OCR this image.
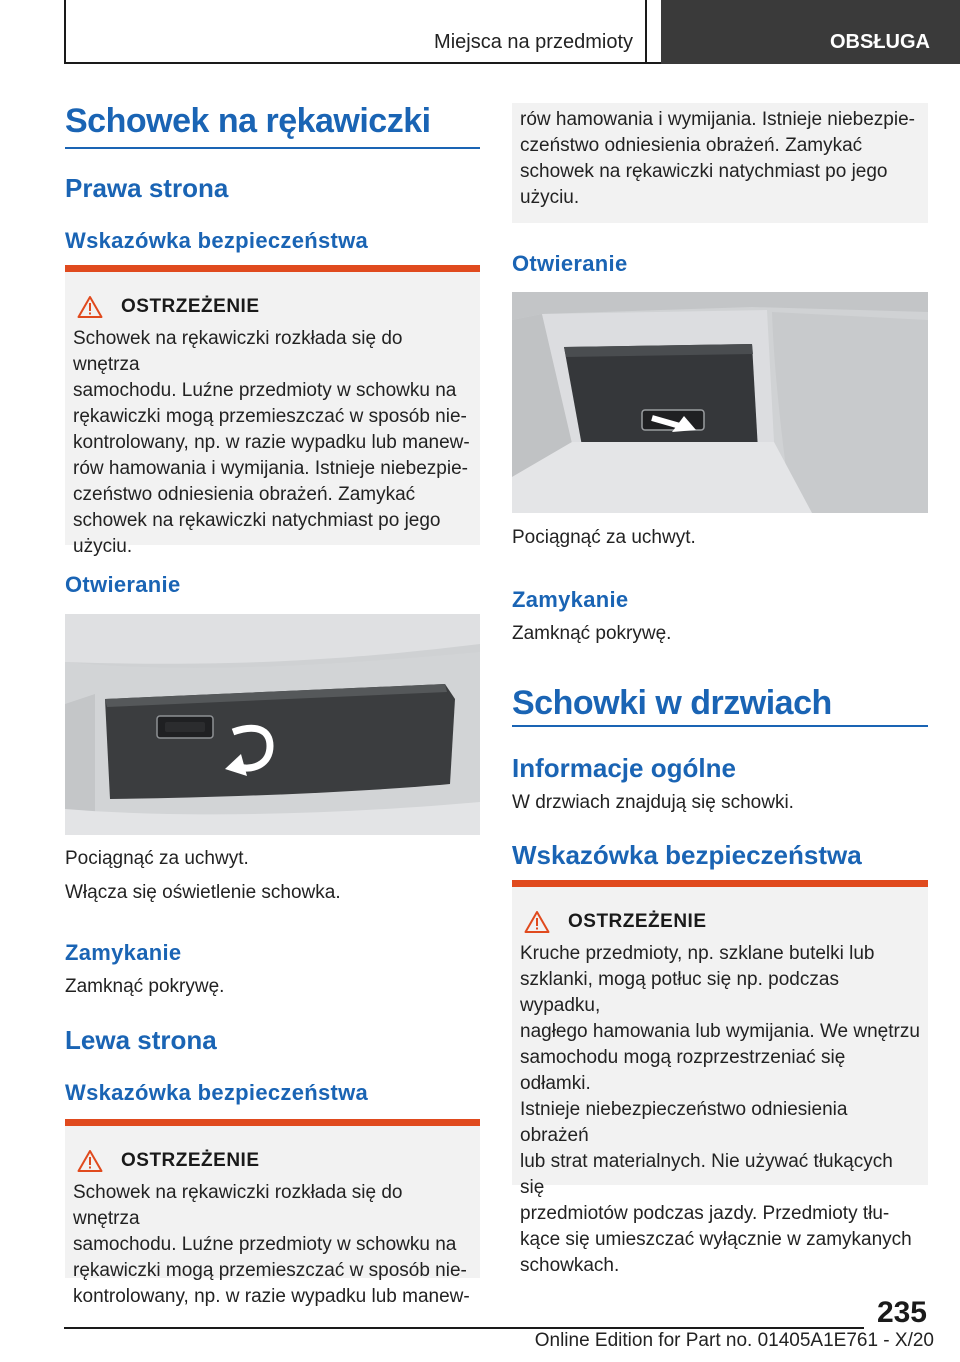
Miejsca na przedmioty	OBSŁUGA
Schowek na rękawiczki
Prawa strona
Wskazówka bezpieczeństwa
OSTRZEŻENIE
Schowek na rękawiczki rozkłada się do wnętrza
samochodu. Luźne przedmioty w schowku na
rękawiczki mogą przemieszczać w sposób nie-
kontrolowany, np. w razie wypadku lub manew-
rów hamowania i wymijania. Istnieje niebezpie-
czeństwo odniesienia obrażeń. Zamykać
schowek na rękawiczki natychmiast po jego
użyciu.
Otwieranie
Pociągnąć za uchwyt.
Włącza się oświetlenie schowka.
Zamykanie
Zamknąć pokrywę.
Lewa strona
Wskazówka bezpieczeństwa
OSTRZEŻENIE
Schowek na rękawiczki rozkłada się do wnętrza
samochodu. Luźne przedmioty w schowku na
rękawiczki mogą przemieszczać w sposób nie-
kontrolowany, np. w razie wypadku lub manew-
rów hamowania i wymijania. Istnieje niebezpie-
czeństwo odniesienia obrażeń. Zamykać
schowek na rękawiczki natychmiast po jego
użyciu.
Otwieranie
Pociągnąć za uchwyt.
Zamykanie
Zamknąć pokrywę.
Schowki w drzwiach
Informacje ogólne
W drzwiach znajdują się schowki.
Wskazówka bezpieczeństwa
OSTRZEŻENIE
Kruche przedmioty, np. szklane butelki lub
szklanki, mogą potłuc się np. podczas wypadku,
nagłego hamowania lub wymijania. We wnętrzu
samochodu mogą rozprzestrzeniać się odłamki.
Istnieje niebezpieczeństwo odniesienia obrażeń
lub strat materialnych. Nie używać tłukących się
przedmiotów podczas jazdy. Przedmioty tłu-
kące się umieszczać wyłącznie w zamykanych
schowkach.
235
Online Edition for Part no. 01405A1E761 - X/20
